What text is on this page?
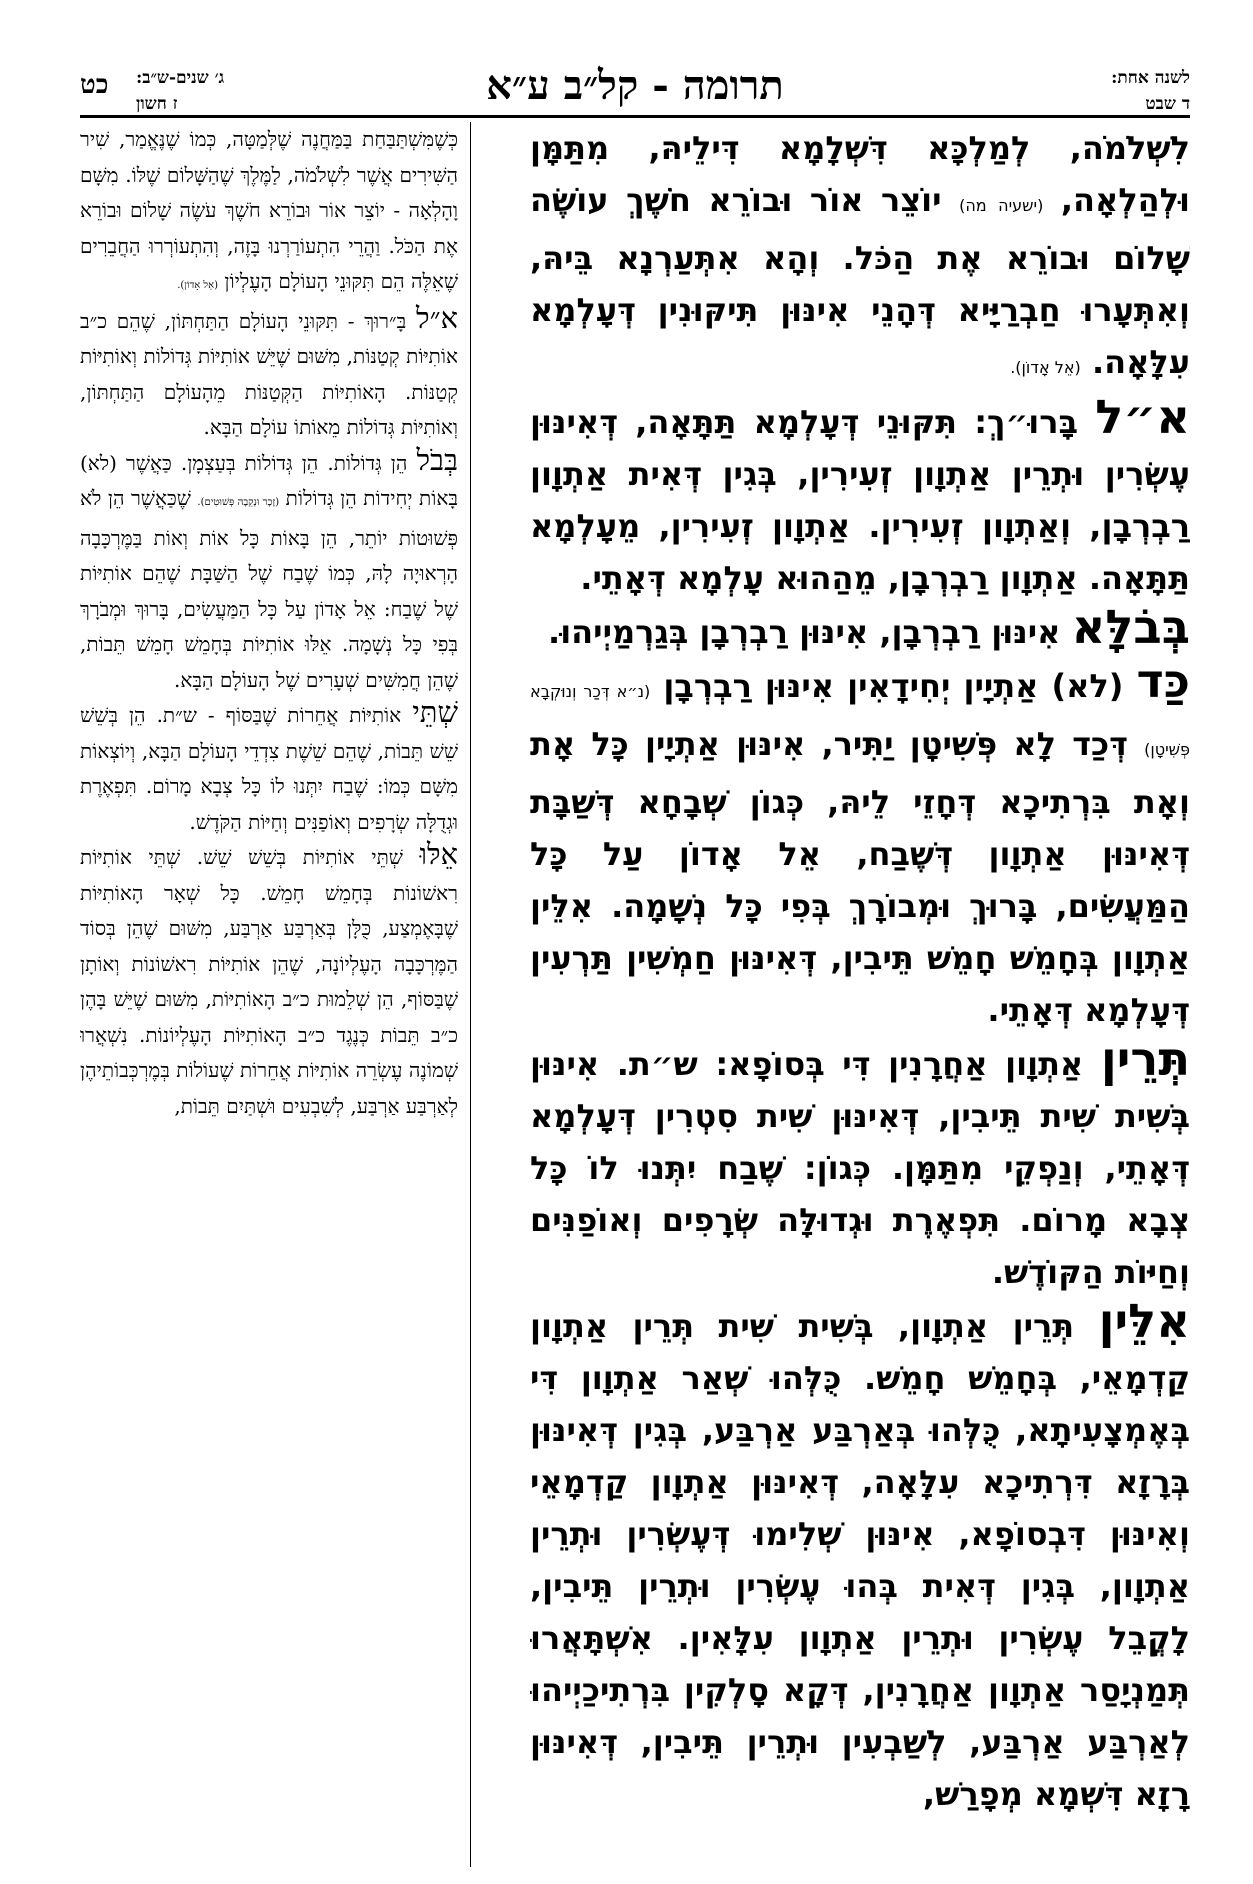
תרומה - קל״ב ע״א	לשנה אחת:
ד שבט
ג׳ שנים-ש״ב:
ז חשון
כט

לִשְׁלֹמֹה, לְמַלְכָּא דִּשְׁלָמָא דִּילֵיהּ, מִתַּמָּן וּלְהַלְאָה, (ישעיה מה) יוֹצֵר אוֹר וּבוֹרֵא חֹשֶׁךְ עוֹשֶׂה שָׁלוֹם וּבוֹרֵא אֶת הַכֹּל. וְהָא אִתְּעַרְנָא בֵּיהּ, וְאִתְּעָרוּ חַבְרַיָּיא דְּהָנֵי אִינּוּן תִּיקּוּנִין דְּעָלְמָא עִלָּאָה. (אֵל אָדוֹן).

א״ל בָּרוּ״ךְ: תִּקּוּנֵי דְּעָלְמָא תַּתָּאָה, דְּאִינּוּן עֶשְׂרִין וּתְרֵין אַתְוָון זְעִירִין, בְּגִין דְּאִית אַתְוָון רַבְרְבָן, וְאַתְוָון זְעִירִין. אַתְוָון זְעִירִין, מֵעָלְמָא תַּתָּאָה. אַתְוָון רַבְרְבָן, מֵהַהוּא עָלְמָא דְּאָתֵי.

בְּבֹלָּא אִינּוּן רַבְרְבָן, אִינּוּן רַבְרְבָן בְּגַרְמַיְיהוּ.

כַּד (לא) אַתְיָין יְחִידָאִין אִינּוּן רַבְרְבָן (נ״א דְּכַר וְנוּקְבָא פְּשִׁיטָן) דְּכַד לָא פְּשִׁיטָן יַתִּיר, אִינּוּן אַתְיָין כָּל אָת וְאָת בִּרְתִיכָא דְּחָזֵי לֵיהּ, כְּגוֹן שְׁבָחָא דְּשַׁבָּת דְּאִינּוּן אַתְוָון דְּשֶׁבַח, אֵל אָדוֹן עַל כָּל הַמַּעֲשִׂים, בָּרוּךְ וּמְבוֹרָךְ בְּפִי כָּל נְשָׁמָה. אִלֵּין אַתְוָון בְּחָמֵשׁ חָמֵשׁ תֵּיבִין, דְּאִינּוּן חַמְשִׁין תַּרְעִין דְּעָלְמָא דְּאָתֵי.

תְּרֵין אַתְוָון אַחֲרָנִין דִּי בְּסוֹפָא: ש״ת. אִינּוּן בְּשִׁית שִׁית תֵּיבִין, דְּאִינּוּן שִׁית סִטְרִין דְּעָלְמָא דְּאָתֵי, וְנַפְקֵי מִתַּמָּן. כְּגוֹן: שֶׁבַח יִתְּנוּ לוֹ כָּל צְבָא מָרוֹם. תִּפְאֶרֶת וּגְדוּלָּה שְׂרָפִים וְאוֹפַנִּים וְחַיּוֹת הַקּוֹדֶשׁ.

אִלֵּין תְּרֵין אַתְוָון, בְּשִׁית שִׁית תְּרֵין אַתְוָון קַדְמָאֵי, בְּחָמֵשׁ חָמֵשׁ. כֻּלְּהוּ שְׁאַר אַתְוָון דִּי בְּאֶמְצָעִיתָא, כֻּלְּהוּ בְּאַרְבַּע אַרְבַּע, בְּגִין דְּאִינּוּן בְּרָזָא דִּרְתִיכָא עִלָּאָה, דְּאִינּוּן אַתְוָון קַדְמָאֵי וְאִינּוּן דִּבְסוֹפָא, אִינּוּן שְׁלִימוּ דְּעֶשְׂרִין וּתְרֵין אַתְוָון, בְּגִין דְּאִית בְּהוּ עֶשְׂרִין וּתְרֵין תֵּיבִין, לָקֳבֵל עֶשְׂרִין וּתְרֵין אַתְוָון עִלָּאִין. אִשְׁתָּאֲרוּ תְּמַנְיָסַר אַתְוָון אַחֲרָנִין, דְּקָא סָלְקִין בִּרְתִיכַיְיהוּ לְאַרְבַּע אַרְבַּע, לְשַׁבְעִין וּתְרֵין תֵּיבִין, דְּאִינּוּן רָזָא דִּשְׁמָא מְפָרַשׁ,

כְּשֶׁמִּשְׁתַּבַּחַת בַּמַּחֲנֶה שֶׁלְּמַטָּה, כְּמוֹ שֶׁנֶּאֱמַר, שִׁיר הַשִּׁירִים אֲשֶׁר לִשְׁלֹמֹה, לַמֶּלֶךְ שֶׁהַשָּׁלוֹם שֶׁלּוֹ. מִשָּׁם וָהָלְאָה - יוֹצֵר אוֹר וּבוֹרֵא חֹשֶׁךְ עֹשֶׂה שָׁלוֹם וּבוֹרֵא אֶת הַכֹּל. וַהֲרֵי הִתְעוֹרַרְנוּ בָּזֶה, וְהִתְעוֹרְרוּ הַחֲבֵרִים שֶׁאֵלֶּה הֵם תִּקּוּנֵי הָעוֹלָם הָעֶלְיוֹן (אֵל אָדוֹן).

א״ל בָּ״רוּךְ - תִּקּוּנֵי הָעוֹלָם הַתַּחְתּוֹן, שֶׁהֵם כ״ב אוֹתִיּוֹת קְטַנּוֹת, מִשּׁוּם שֶׁיֵּשׁ אוֹתִיּוֹת גְּדוֹלוֹת וְאוֹתִיּוֹת קְטַנּוֹת. הָאוֹתִיּוֹת הַקְּטַנּוֹת מֵהָעוֹלָם הַתַּחְתּוֹן, וְאוֹתִיּוֹת גְּדוֹלוֹת מֵאוֹתוֹ עוֹלָם הַבָּא.

בְּבֹל הֵן גְּדוֹלוֹת. הֵן גְּדוֹלוֹת בְּעַצְמָן. כַּאֲשֶׁר (לא) בָּאוֹת יְחִידוֹת הֵן גְּדוֹלוֹת (זָכָר וּנְקֵבָה פְּשׁוּטִים). שֶׁכַּאֲשֶׁר הֵן לֹא פְּשׁוּטוֹת יוֹתֵר, הֵן בָּאוֹת כָּל אוֹת וְאוֹת בַּמֶּרְכָּבָה הָרְאוּיָה לָהּ, כְּמוֹ שֶׁבַח שֶׁל הַשַּׁבָּת שֶׁהֵם אוֹתִיּוֹת שֶׁל שֶׁבַח: אֵל אָדוֹן עַל כָּל הַמַּעֲשִׂים, בָּרוּךְ וּמְבֹרָךְ בְּפִי כָּל נְשָׁמָה. אֵלּוּ אוֹתִיּוֹת בְּחָמֵשׁ חָמֵשׁ תֵּבוֹת, שֶׁהֵן חֲמִשִּׁים שְׁעָרִים שֶׁל הָעוֹלָם הַבָּא.

שְׁתֵּי אוֹתִיּוֹת אֲחֵרוֹת שֶׁבַּסּוֹף - ש״ת. הֵן בְּשֵׁשׁ שֵׁשׁ תֵּבוֹת, שֶׁהֵם שֵׁשֶׁת צִדְדֵי הָעוֹלָם הַבָּא, וְיוֹצְאוֹת מִשָּׁם כְּמוֹ: שֶׁבַח יִתְּנוּ לוֹ כָּל צְבָא מָרוֹם. תִּפְאֶרֶת וּגְדֻלָּה שְׂרָפִים וְאוֹפַנִּים וְחַיּוֹת הַקֹּדֶשׁ.

אֵלּוּ שְׁתֵּי אוֹתִיּוֹת בְּשֵׁשׁ שֵׁשׁ. שְׁתֵּי אוֹתִיּוֹת רִאשׁוֹנוֹת בְּחָמֵשׁ חָמֵשׁ. כָּל שְׁאָר הָאוֹתִיּוֹת שֶׁבָּאֶמְצַע, כֻּלָּן בְּאַרְבַּע אַרְבַּע, מִשּׁוּם שֶׁהֵן בְּסוֹד הַמֶּרְכָּבָה הָעֶלְיוֹנָה, שֶׁהֵן אוֹתִיּוֹת רִאשׁוֹנוֹת וְאוֹתָן שֶׁבַּסּוֹף, הֵן שְׁלֵמוּת כ״ב הָאוֹתִיּוֹת, מִשּׁוּם שֶׁיֵּשׁ בָּהֶן כ״ב תֵּבוֹת כְּנֶגֶד כ״ב הָאוֹתִיּוֹת הָעֶלְיוֹנוֹת. נִשְׁאֲרוּ שְׁמוֹנֶה עֶשְׂרֵה אוֹתִיּוֹת אֲחֵרוֹת שֶׁעוֹלוֹת בְּמֶרְכְּבוֹתֵיהֶן לְאַרְבַּע אַרְבַּע, לְשִׁבְעִים וּשְׁתַּיִם תֵּבוֹת,
